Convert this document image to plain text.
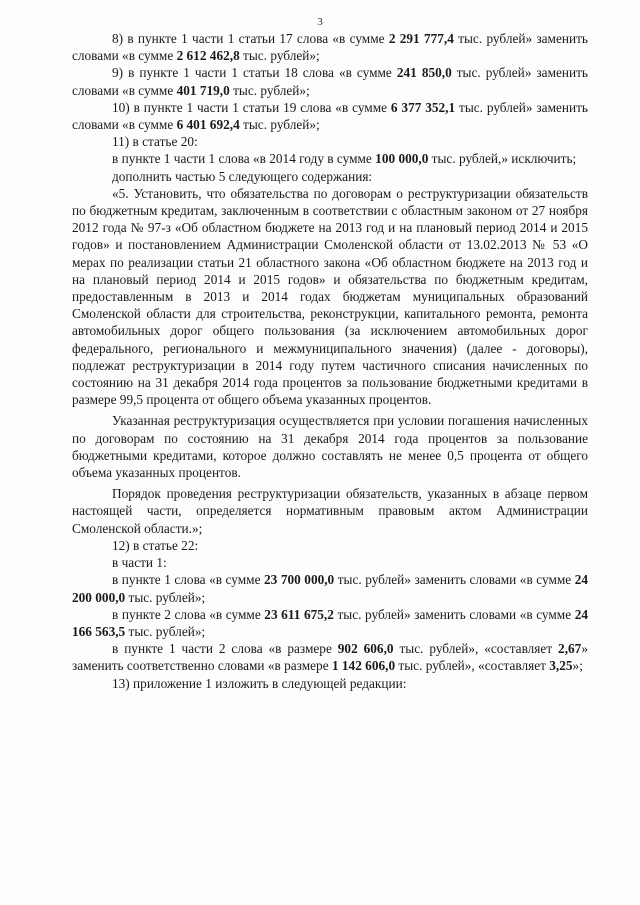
3

8) в пункте 1 части 1 статьи 17 слова «в сумме 2 291 777,4 тыс. рублей» заменить словами «в сумме 2 612 462,8 тыс. рублей»;

9) в пункте 1 части 1 статьи 18 слова «в сумме 241 850,0 тыс. рублей» заменить словами «в сумме 401 719,0 тыс. рублей»;

10) в пункте 1 части 1 статьи 19 слова «в сумме 6 377 352,1 тыс. рублей» заменить словами «в сумме 6 401 692,4 тыс. рублей»;

11) в статье 20:

в пункте 1 части 1 слова «в 2014 году в сумме 100 000,0 тыс. рублей,» исключить;

дополнить частью 5 следующего содержания:

«5. Установить, что обязательства по договорам о реструктуризации обязательств по бюджетным кредитам, заключенным в соответствии с областным законом от 27 ноября 2012 года № 97-з «Об областном бюджете на 2013 год и на плановый период 2014 и 2015 годов» и постановлением Администрации Смоленской области от 13.02.2013 № 53 «О мерах по реализации статьи 21 областного закона «Об областном бюджете на 2013 год и на плановый период 2014 и 2015 годов» и обязательства по бюджетным кредитам, предоставленным в 2013 и 2014 годах бюджетам муниципальных образований Смоленской области для строительства, реконструкции, капитального ремонта, ремонта автомобильных дорог общего пользования (за исключением автомобильных дорог федерального, регионального и межмуниципального значения) (далее - договоры), подлежат реструктуризации в 2014 году путем частичного списания начисленных по состоянию на 31 декабря 2014 года процентов за пользование бюджетными кредитами в размере 99,5 процента от общего объема указанных процентов.

Указанная реструктуризация осуществляется при условии погашения начисленных по договорам по состоянию на 31 декабря 2014 года процентов за пользование бюджетными кредитами, которое должно составлять не менее 0,5 процента от общего объема указанных процентов.

Порядок проведения реструктуризации обязательств, указанных в абзаце первом настоящей части, определяется нормативным правовым актом Администрации Смоленской области.»;

12) в статье 22:

в части 1:

в пункте 1 слова «в сумме 23 700 000,0 тыс. рублей» заменить словами «в сумме 24 200 000,0 тыс. рублей»;

в пункте 2 слова «в сумме 23 611 675,2 тыс. рублей» заменить словами «в сумме 24 166 563,5 тыс. рублей»;

в пункте 1 части 2 слова «в размере 902 606,0 тыс. рублей», «составляет 2,67» заменить соответственно словами «в размере 1 142 606,0 тыс. рублей», «составляет 3,25»;

13) приложение 1 изложить в следующей редакции:
